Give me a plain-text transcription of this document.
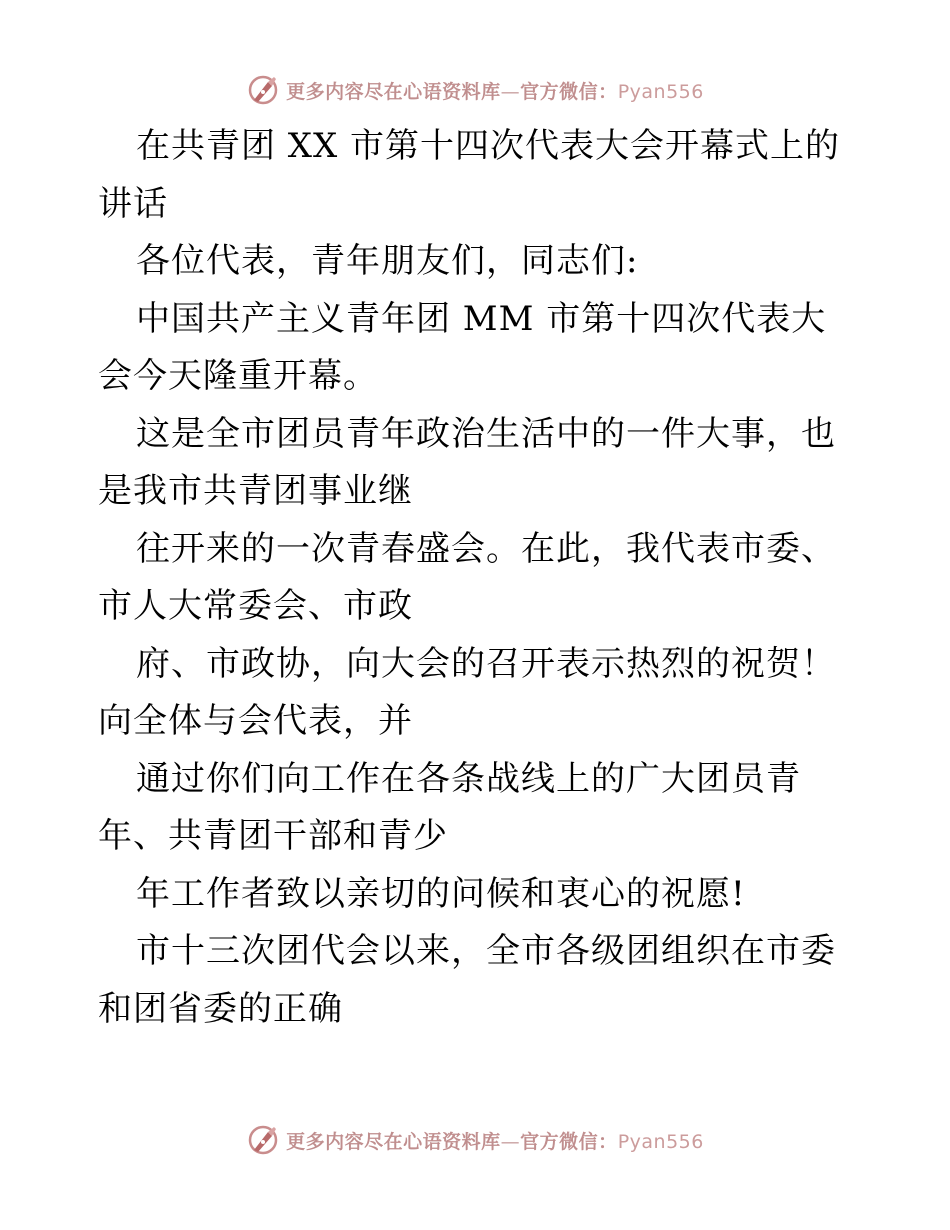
更多内容尽在心语资料库—官方微信：Pyan556

在共青团 XX 市第十四次代表大会开幕式上的讲话

各位代表，青年朋友们，同志们:

中国共产主义青年团 MM 市第十四次代表大会今天隆重开幕。

这是全市团员青年政治生活中的一件大事，也是我市共青团事业继

往开来的一次青春盛会。在此，我代表市委、市人大常委会、市政

府、市政协，向大会的召开表示热烈的祝贺！向全体与会代表，并

通过你们向工作在各条战线上的广大团员青年、共青团干部和青少

年工作者致以亲切的问候和衷心的祝愿!

市十三次团代会以来，全市各级团组织在市委和团省委的正确

更多内容尽在心语资料库—官方微信：Pyan556
